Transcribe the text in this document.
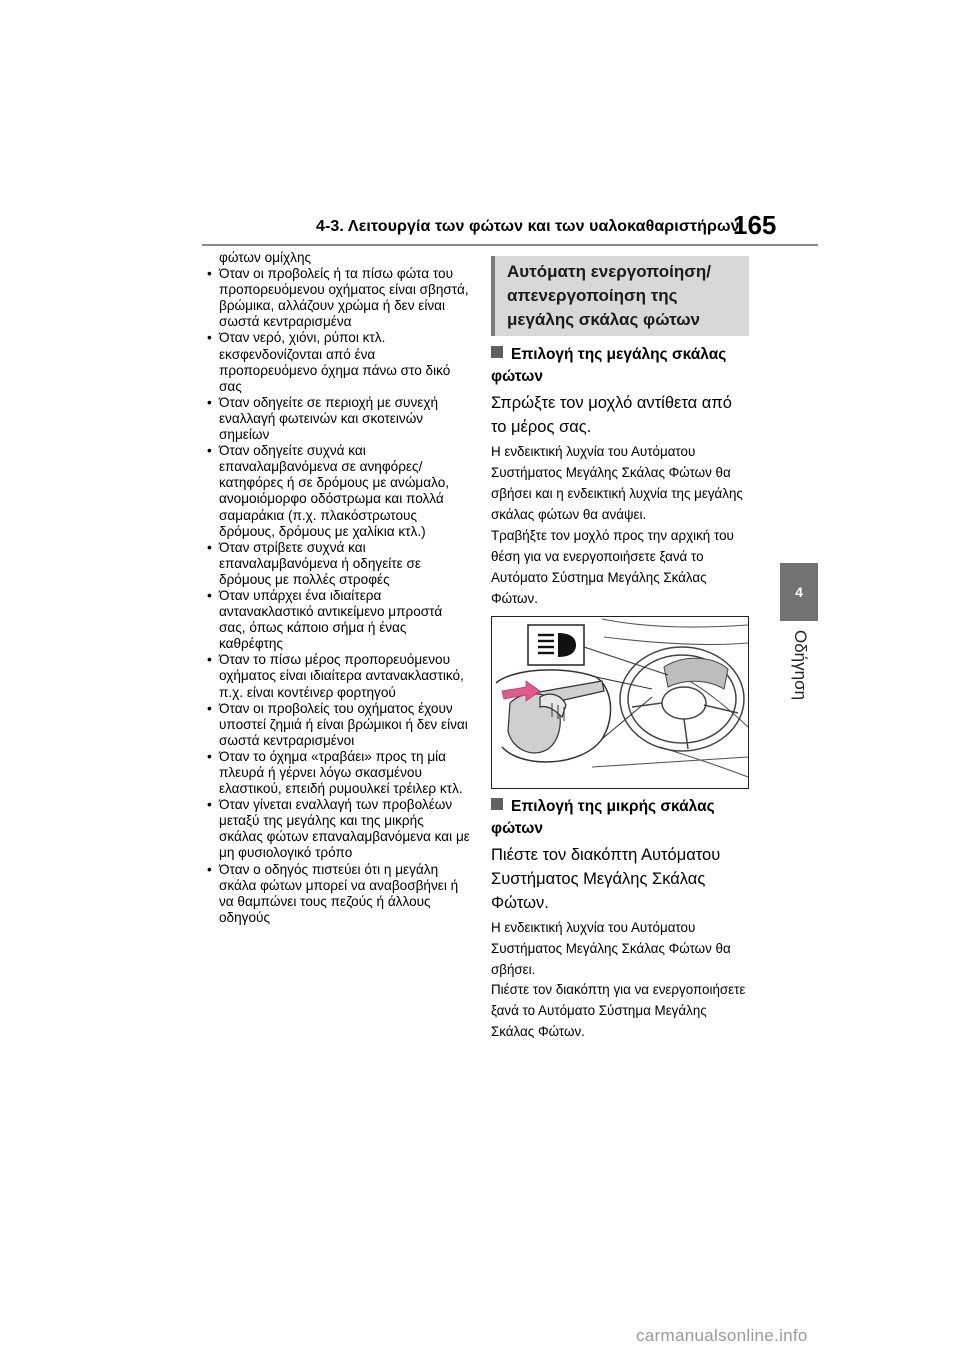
4-3. Λειτουργία των φώτων και των υαλοκαθαριστήρων
165
4
Οδήγηση
φώτων ομίχλης
• Όταν οι προβολείς ή τα πίσω φώτα του προπορευόμενου οχήματος είναι σβηστά, βρώμικα, αλλάζουν χρώμα ή δεν είναι σωστά κεντραρισμένα
• Όταν νερό, χιόνι, ρύποι κτλ. εκσφενδονίζονται από ένα προπορευόμενο όχημα πάνω στο δικό σας
• Όταν οδηγείτε σε περιοχή με συνεχή εναλλαγή φωτεινών και σκοτεινών σημείων
• Όταν οδηγείτε συχνά και επαναλαμβανόμενα σε ανηφόρες/κατηφόρες ή σε δρόμους με ανώμαλο, ανομοιόμορφο οδόστρωμα και πολλά σαμαράκια (π.χ. πλακόστρωτους δρόμους, δρόμους με χαλίκια κτλ.)
• Όταν στρίβετε συχνά και επαναλαμβανόμενα ή οδηγείτε σε δρόμους με πολλές στροφές
• Όταν υπάρχει ένα ιδιαίτερα αντανακλαστικό αντικείμενο μπροστά σας, όπως κάποιο σήμα ή ένας καθρέφτης
• Όταν το πίσω μέρος προπορευόμενου οχήματος είναι ιδιαίτερα αντανακλαστικό, π.χ. είναι κοντέινερ φορτηγού
• Όταν οι προβολείς του οχήματος έχουν υποστεί ζημιά ή είναι βρώμικοι ή δεν είναι σωστά κεντραρισμένοι
• Όταν το όχημα «τραβάει» προς τη μία πλευρά ή γέρνει λόγω σκασμένου ελαστικού, επειδή ρυμουλκεί τρέιλερ κτλ.
• Όταν γίνεται εναλλαγή των προβολέων μεταξύ της μεγάλης και της μικρής σκάλας φώτων επαναλαμβανόμενα και με μη φυσιολογικό τρόπο
• Όταν ο οδηγός πιστεύει ότι η μεγάλη σκάλα φώτων μπορεί να αναβοσβήνει ή να θαμπώνει τους πεζούς ή άλλους οδηγούς
Αυτόματη ενεργοποίηση/απενεργοποίηση της μεγάλης σκάλας φώτων
Επιλογή της μεγάλης σκάλας φώτων
Σπρώξτε τον μοχλό αντίθετα από το μέρος σας.
Η ενδεικτική λυχνία του Αυτόματου Συστήματος Μεγάλης Σκάλας Φώτων θα σβήσει και η ενδεικτική λυχνία της μεγάλης σκάλας φώτων θα ανάψει.
Τραβήξτε τον μοχλό προς την αρχική του θέση για να ενεργοποιήσετε ξανά το Αυτόματο Σύστημα Μεγάλης Σκάλας Φώτων.
Επιλογή της μικρής σκάλας φώτων
Πιέστε τον διακόπτη Αυτόματου Συστήματος Μεγάλης Σκάλας Φώτων.
Η ενδεικτική λυχνία του Αυτόματου Συστήματος Μεγάλης Σκάλας Φώτων θα σβήσει.
Πιέστε τον διακόπτη για να ενεργοποιήσετε ξανά το Αυτόματο Σύστημα Μεγάλης Σκάλας Φώτων.
carmanualsonline.info
